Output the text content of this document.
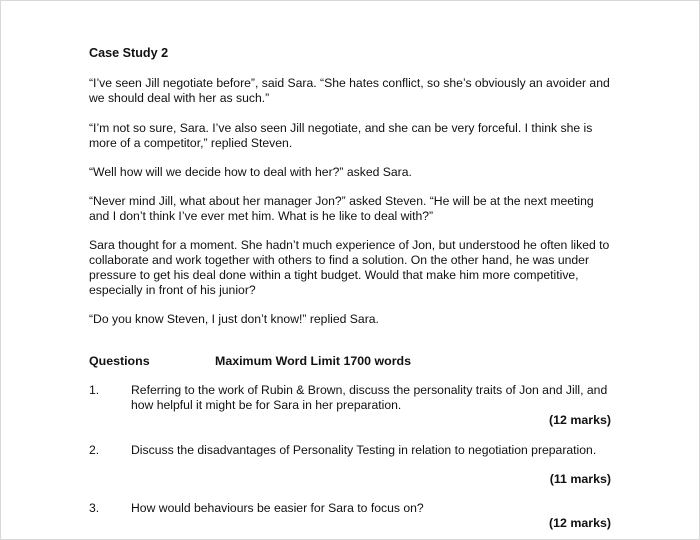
Case Study 2

“I’ve seen Jill negotiate before”, said Sara. “She hates conflict, so she’s obviously an avoider and we should deal with her as such.”

“I’m not so sure, Sara. I’ve also seen Jill negotiate, and she can be very forceful. I think she is more of a competitor,” replied Steven.

“Well how will we decide how to deal with her?” asked Sara.

“Never mind Jill, what about her manager Jon?” asked Steven. “He will be at the next meeting and I don’t think I’ve ever met him. What is he like to deal with?”

Sara thought for a moment. She hadn’t much experience of Jon, but understood he often liked to collaborate and work together with others to find a solution. On the other hand, he was under pressure to get his deal done within a tight budget. Would that make him more competitive, especially in front of his junior?

“Do you know Steven, I just don’t know!” replied Sara.

Questions	Maximum Word Limit 1700 words
1.	Referring to the work of Rubin & Brown, discuss the personality traits of Jon and Jill, and how helpful it might be for Sara in her preparation.

(12 marks)
2.	Discuss the disadvantages of Personality Testing in relation to negotiation preparation.

(11 marks)
3.	How would behaviours be easier for Sara to focus on?

(12 marks)
